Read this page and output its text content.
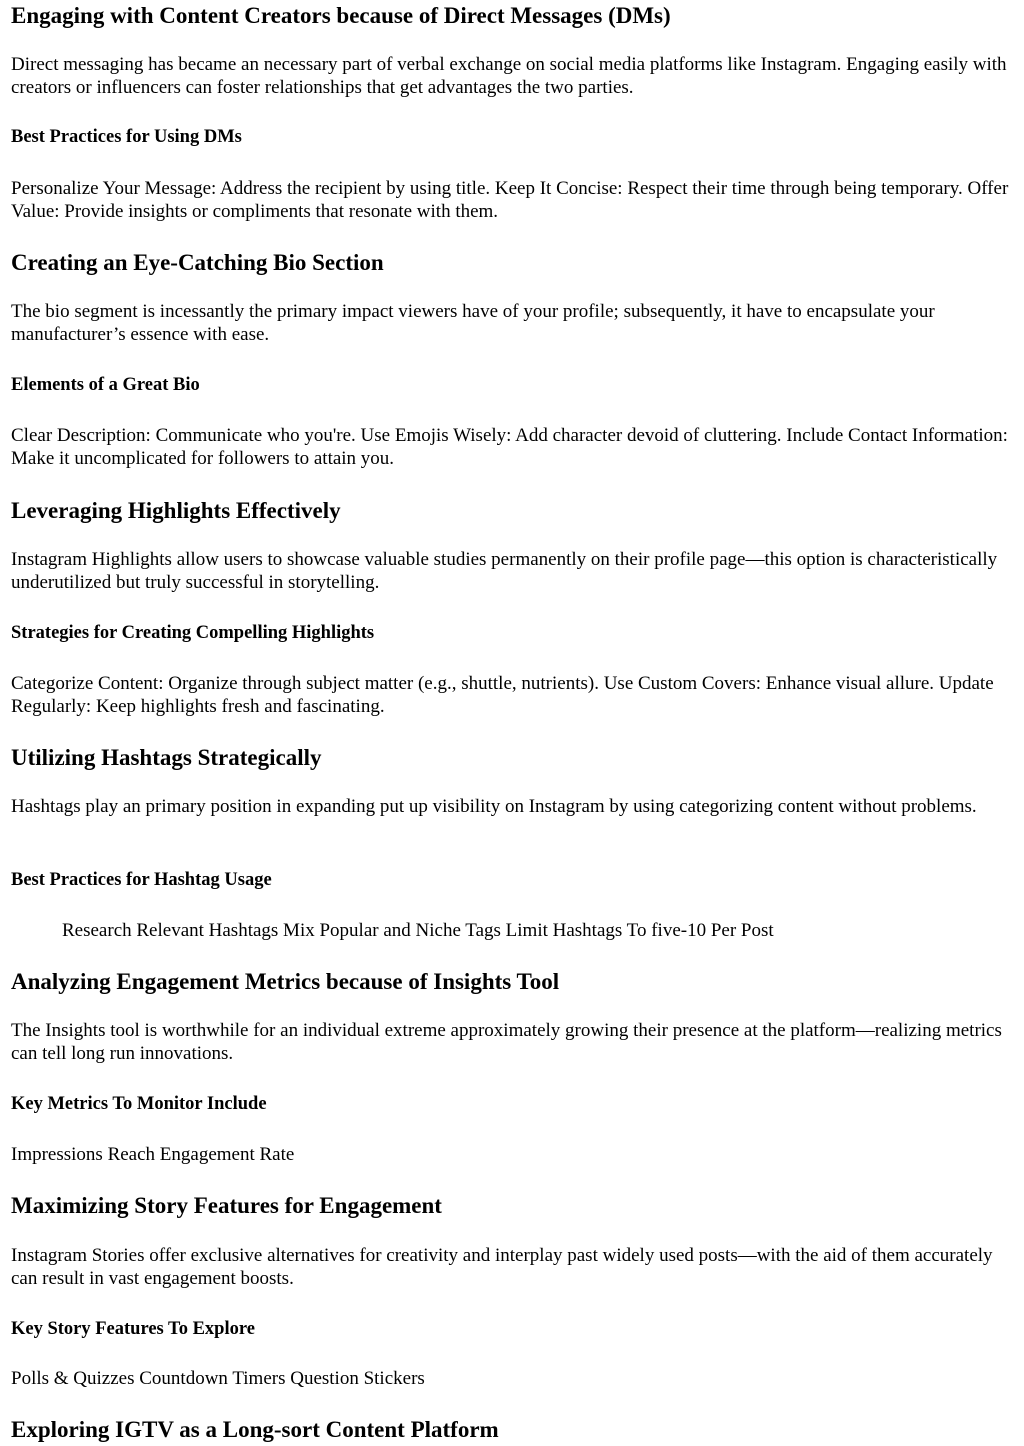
Engaging with Content Creators because of Direct Messages (DMs)

Direct messaging has became an necessary part of verbal exchange on social media platforms like Instagram. Engaging easily with creators or influencers can foster relationships that get advantages the two parties.

Best Practices for Using DMs

Personalize Your Message: Address the recipient by using title. Keep It Concise: Respect their time through being temporary. Offer Value: Provide insights or compliments that resonate with them.

Creating an Eye-Catching Bio Section

The bio segment is incessantly the primary impact viewers have of your profile; subsequently, it have to encapsulate your manufacturer’s essence with ease.

Elements of a Great Bio

Clear Description: Communicate who you're. Use Emojis Wisely: Add character devoid of cluttering. Include Contact Information: Make it uncomplicated for followers to attain you.

Leveraging Highlights Effectively

Instagram Highlights allow users to showcase valuable studies permanently on their profile page—this option is characteristically underutilized but truly successful in storytelling.

Strategies for Creating Compelling Highlights

Categorize Content: Organize through subject matter (e.g., shuttle, nutrients). Use Custom Covers: Enhance visual allure. Update Regularly: Keep highlights fresh and fascinating.

Utilizing Hashtags Strategically

Hashtags play an primary position in expanding put up visibility on Instagram by using categorizing content without problems.

Best Practices for Hashtag Usage

Research Relevant Hashtags Mix Popular and Niche Tags Limit Hashtags To five-10 Per Post

Analyzing Engagement Metrics because of Insights Tool

The Insights tool is worthwhile for an individual extreme approximately growing their presence at the platform—realizing metrics can tell long run innovations.

Key Metrics To Monitor Include

Impressions Reach Engagement Rate

Maximizing Story Features for Engagement

Instagram Stories offer exclusive alternatives for creativity and interplay past widely used posts—with the aid of them accurately can result in vast engagement boosts.

Key Story Features To Explore

Polls & Quizzes Countdown Timers Question Stickers

Exploring IGTV as a Long-sort Content Platform
